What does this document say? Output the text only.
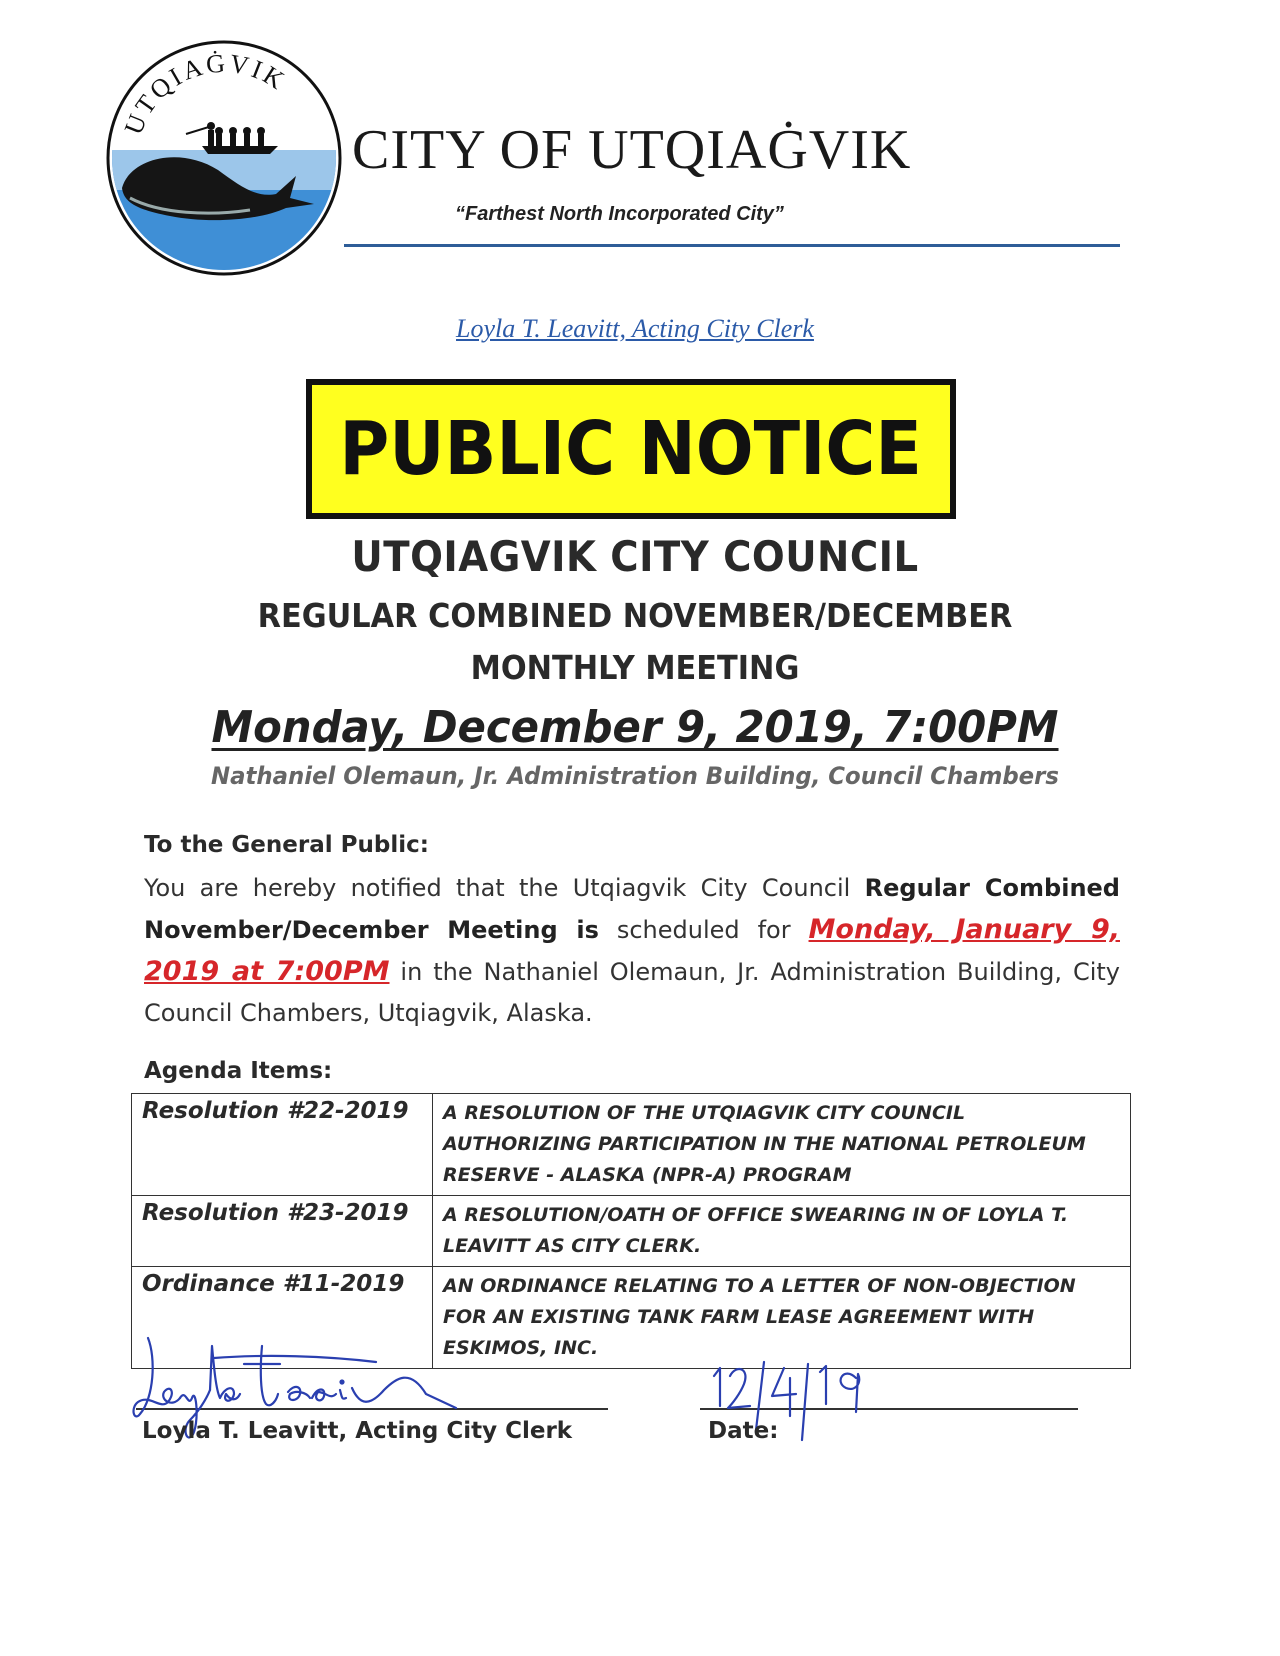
UTQIAĠVIK
CITY OF UTQIAĠVIK
“Farthest North Incorporated City”
Loyla T. Leavitt, Acting City Clerk
PUBLIC NOTICE
UTQIAGVIK CITY COUNCIL
REGULAR COMBINED NOVEMBER/DECEMBER
MONTHLY MEETING
Monday, December 9, 2019, 7:00PM
Nathaniel Olemaun, Jr. Administration Building, Council Chambers
To the General Public:
You are hereby notified that the Utqiagvik City Council Regular Combined November/December Meeting is scheduled for Monday, January 9, 2019 at 7:00PM in the Nathaniel Olemaun, Jr. Administration Building, City Council Chambers, Utqiagvik, Alaska.
Agenda Items:
Resolution #22-2019	A RESOLUTION OF THE UTQIAGVIK CITY COUNCIL AUTHORIZING PARTICIPATION IN THE NATIONAL PETROLEUM RESERVE - ALASKA (NPR-A) PROGRAM
Resolution #23-2019	A RESOLUTION/OATH OF OFFICE SWEARING IN OF LOYLA T. LEAVITT AS CITY CLERK.
Ordinance #11-2019	AN ORDINANCE RELATING TO A LETTER OF NON-OBJECTION FOR AN EXISTING TANK FARM LEASE AGREEMENT WITH ESKIMOS, INC.
Loyla T. Leavitt, Acting City Clerk	Date:
